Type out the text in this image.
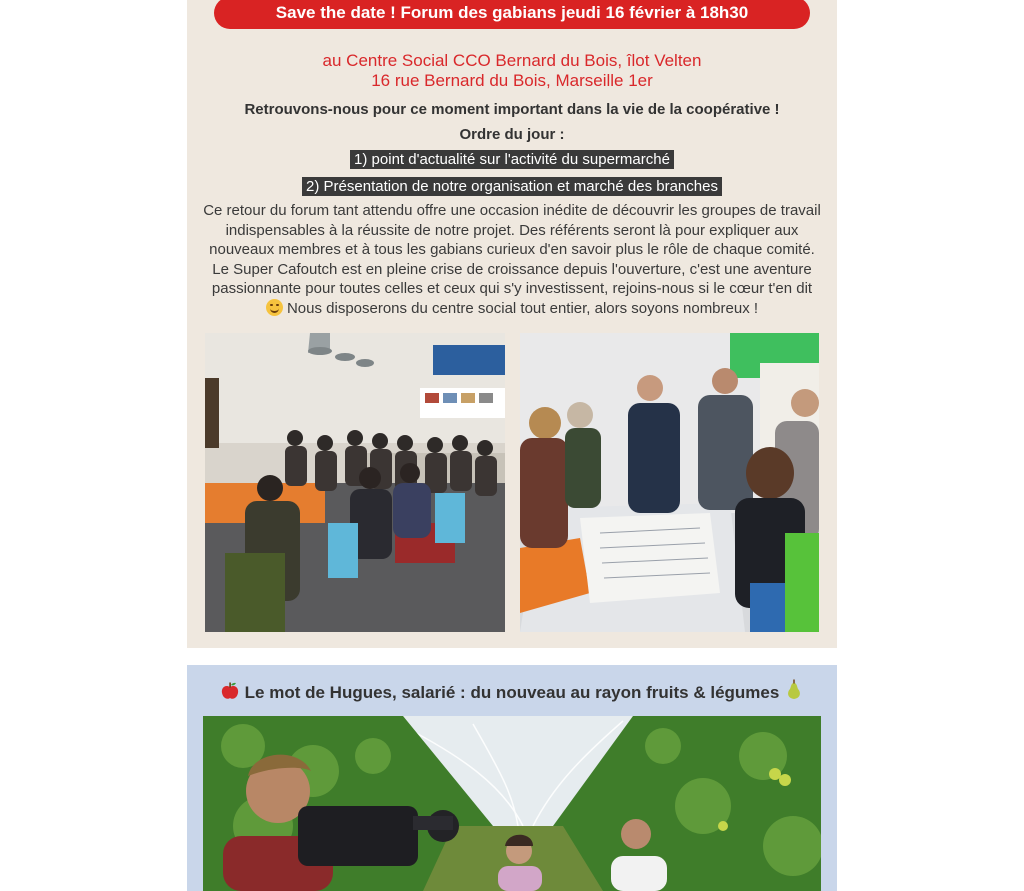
Save the date ! Forum des gabians jeudi 16 février à 18h30
au Centre Social CCO Bernard du Bois, îlot Velten
16 rue Bernard du Bois, Marseille 1er
Retrouvons-nous pour ce moment important dans la vie de la coopérative !
Ordre du jour :
1) point d'actualité sur l'activité du supermarché
2) Présentation de notre organisation et marché des branches
Ce retour du forum tant attendu offre une occasion inédite de découvrir les groupes de travail
indispensables à la réussite de notre projet. Des référents seront là pour expliquer aux
nouveaux membres et à tous les gabians curieux d'en savoir plus le rôle de chaque comité.
Le Super Cafoutch est en pleine crise de croissance depuis l'ouverture, c'est une aventure
passionnante pour toutes celles et ceux qui s'y investissent, rejoins-nous si le cœur t'en dit
Nous disposerons du centre social tout entier, alors soyons nombreux !
Le mot de Hugues, salarié : du nouveau au rayon fruits & légumes
